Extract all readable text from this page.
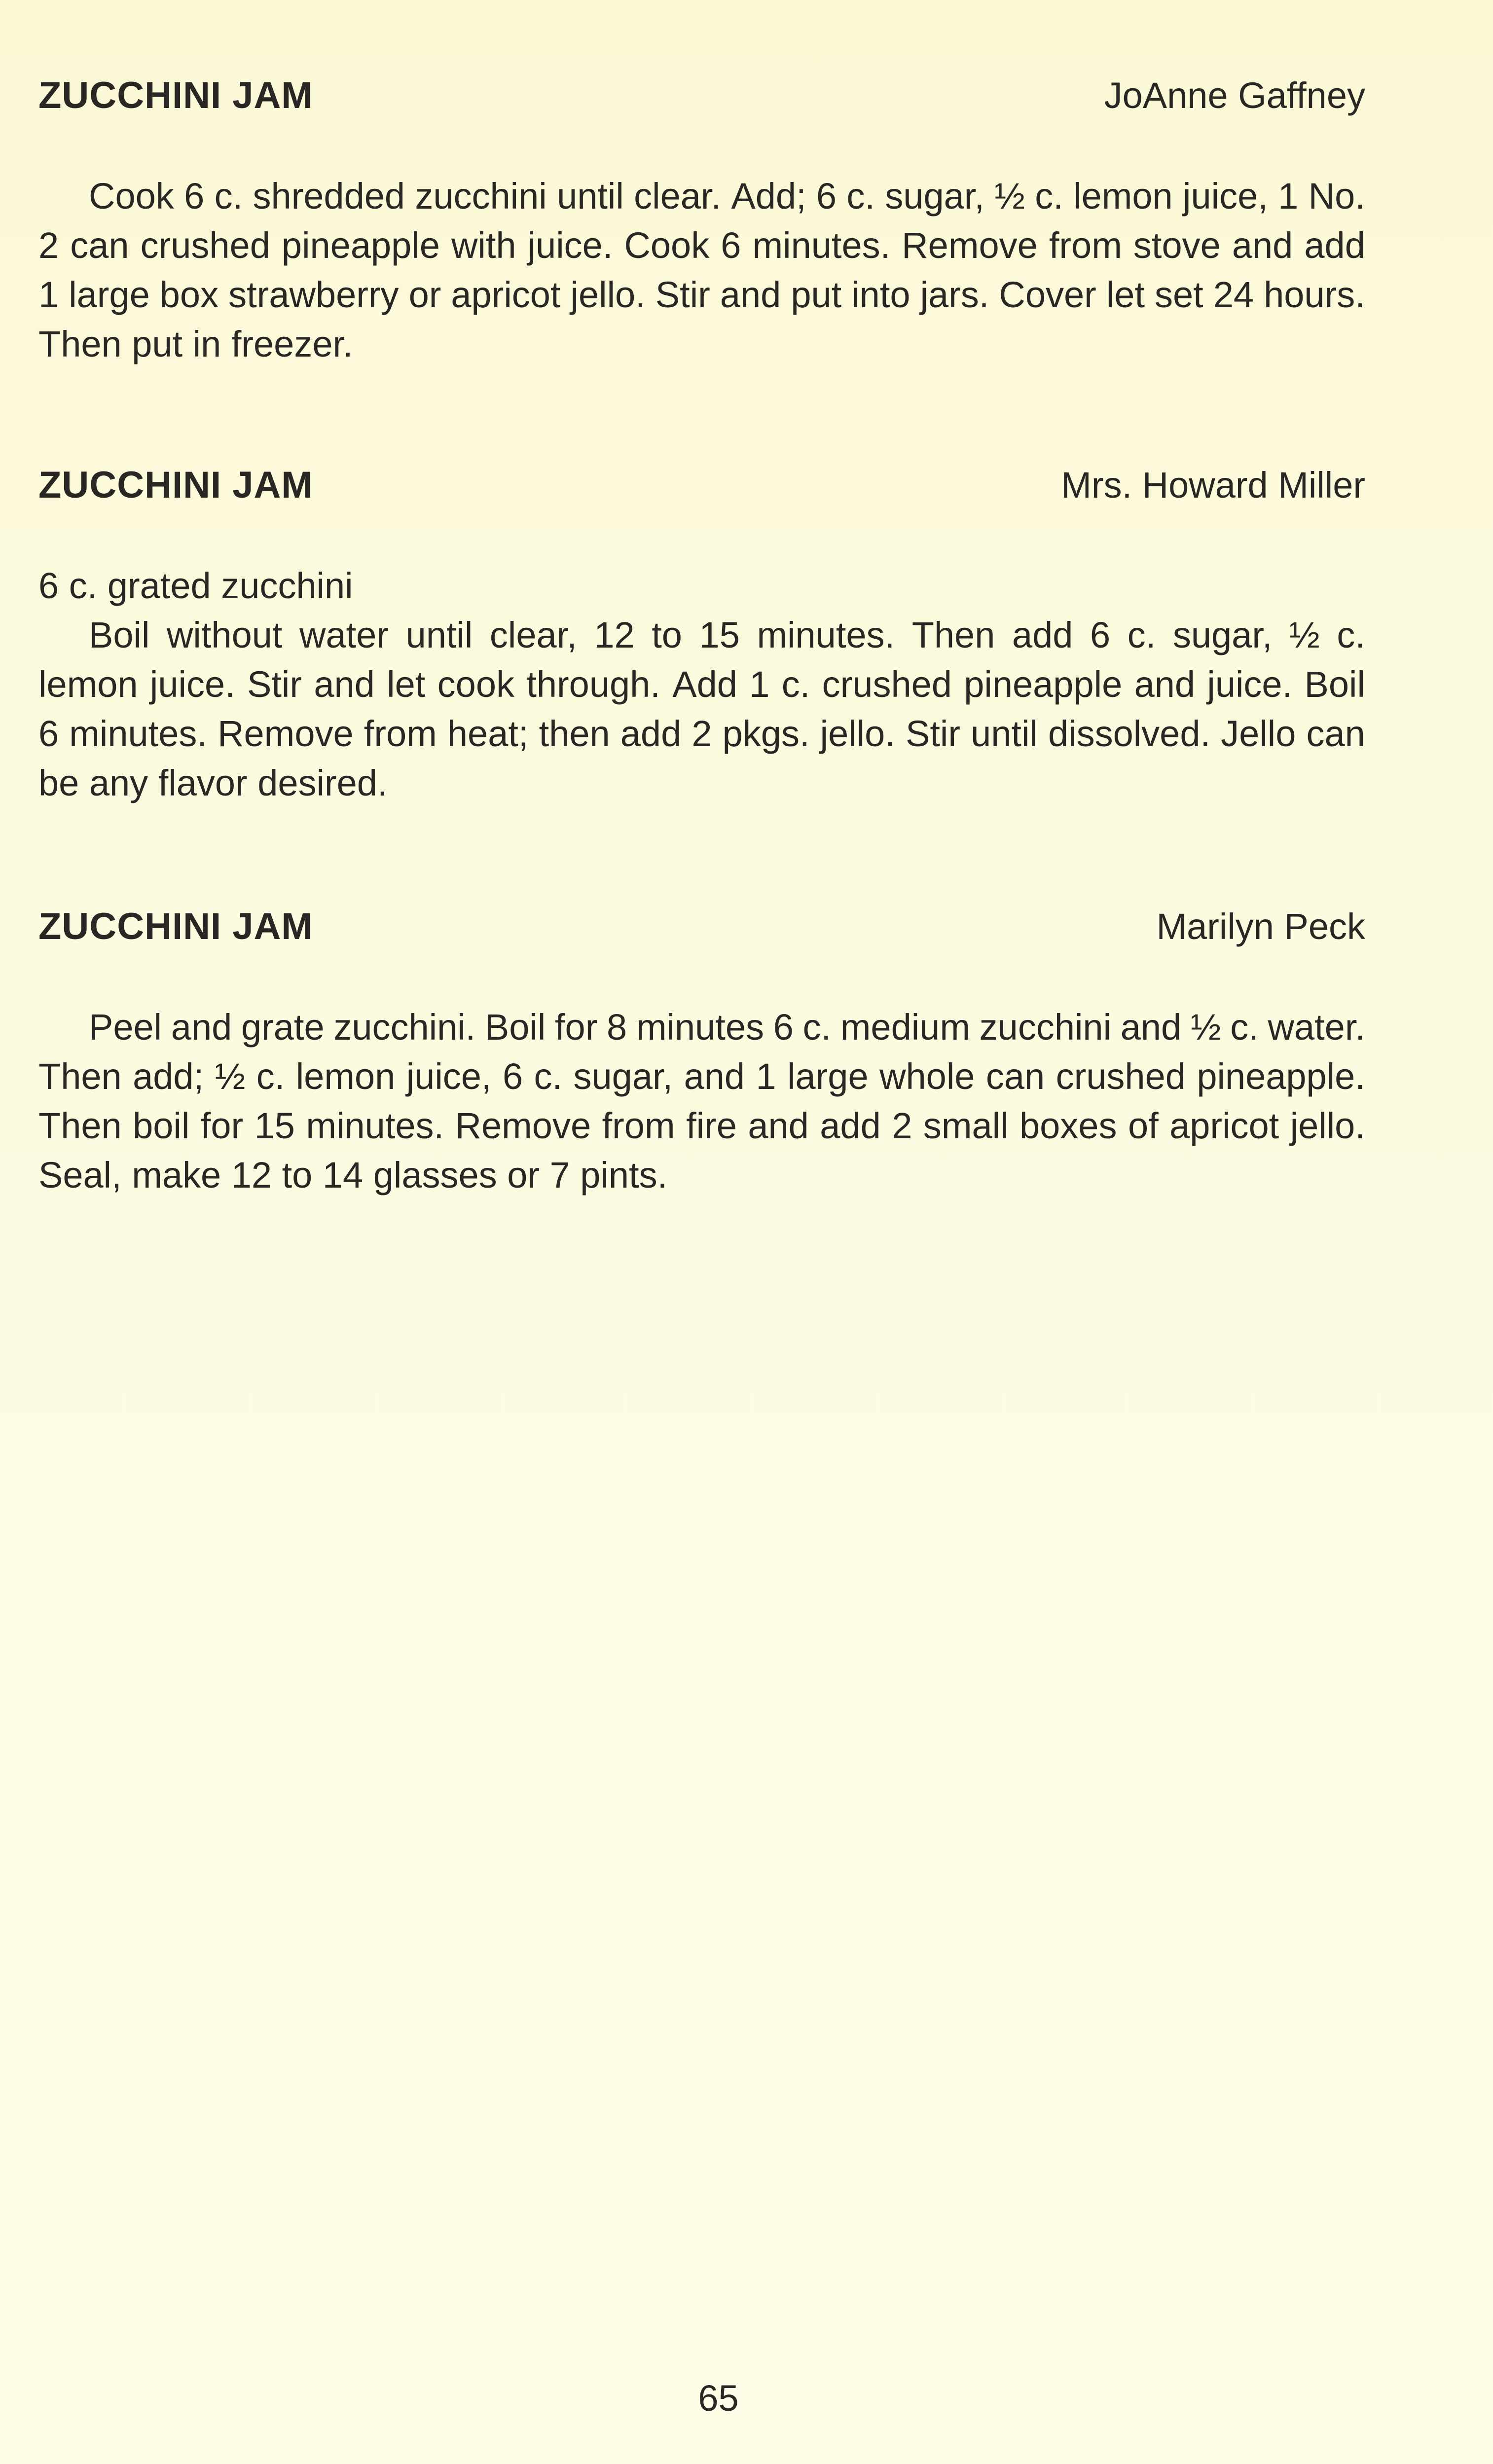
ZUCCHINI JAM	JoAnne Gaffney
Cook 6 c. shredded zucchini until clear. Add; 6 c. sugar, ½ c. lemon juice, 1 No.
2 can crushed pineapple with juice. Cook 6 minutes. Remove from stove and add
1 large box strawberry or apricot jello. Stir and put into jars. Cover let set 24 hours.
Then put in freezer.
ZUCCHINI JAM	Mrs. Howard Miller
6 c. grated zucchini
Boil without water until clear, 12 to 15 minutes. Then add 6 c. sugar, ½ c.
lemon juice. Stir and let cook through. Add 1 c. crushed pineapple and juice. Boil
6 minutes. Remove from heat; then add 2 pkgs. jello. Stir until dissolved. Jello can
be any flavor desired.
ZUCCHINI JAM	Marilyn Peck
Peel and grate zucchini. Boil for 8 minutes 6 c. medium zucchini and ½ c. water.
Then add; ½ c. lemon juice, 6 c. sugar, and 1 large whole can crushed pineapple.
Then boil for 15 minutes. Remove from fire and add 2 small boxes of apricot jello.
Seal, make 12 to 14 glasses or 7 pints.
65
